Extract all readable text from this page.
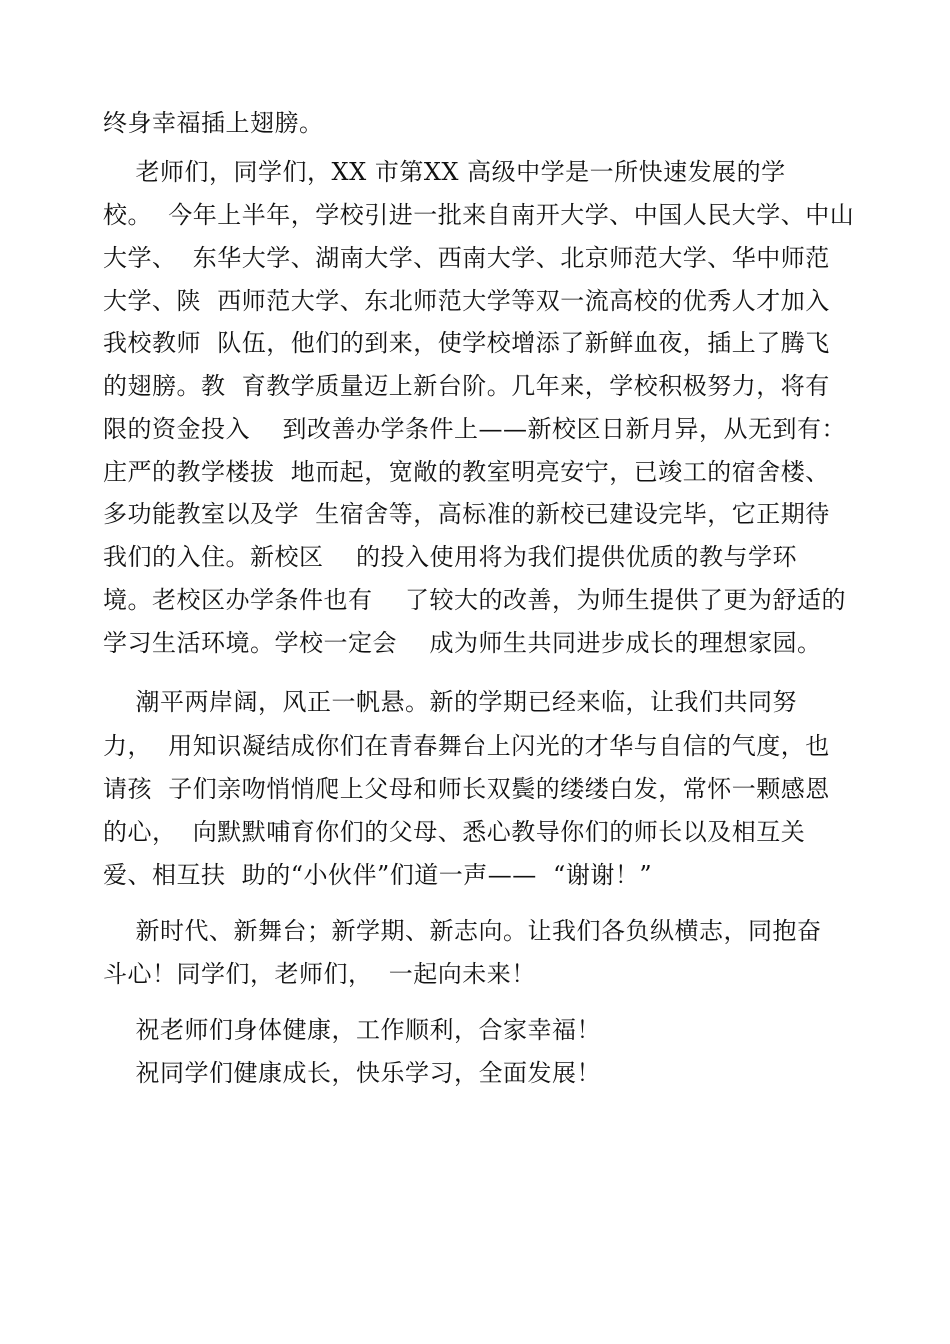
终身幸福插上翅膀。
老师们，同学们，XX 市第XX 高级中学是一所快速发展的学
校。  今年上半年，学校引进一批来自南开大学、中国人民大学、中山
大学、  东华大学、湖南大学、西南大学、北京师范大学、华中师范
大学、陕  西师范大学、东北师范大学等双一流高校的优秀人才加入
我校教师  队伍，他们的到来，使学校增添了新鲜血夜，插上了腾飞
的翅膀。教  育教学质量迈上新台阶。几年来，学校积极努力，将有
限的资金投入    到改善办学条件上——新校区日新月异，从无到有：
庄严的教学楼拔  地而起，宽敞的教室明亮安宁，已竣工的宿舍楼、
多功能教室以及学  生宿舍等，高标准的新校已建设完毕，它正期待
我们的入住。新校区    的投入使用将为我们提供优质的教与学环
境。老校区办学条件也有    了较大的改善，为师生提供了更为舒适的
学习生活环境。学校一定会    成为师生共同进步成长的理想家园。
潮平两岸阔，风正一帆悬。新的学期已经来临，让我们共同努
力，  用知识凝结成你们在青春舞台上闪光的才华与自信的气度，也
请孩  子们亲吻悄悄爬上父母和师长双鬓的缕缕白发，常怀一颗感恩
的心，  向默默哺育你们的父母、悉心教导你们的师长以及相互关
爱、相互扶  助的“小伙伴”们道一声——  “谢谢！”
新时代、新舞台；新学期、新志向。让我们各负纵横志，同抱奋
斗心！同学们，老师们，  一起向未来！
祝老师们身体健康，工作顺利，合家幸福！
祝同学们健康成长，快乐学习，全面发展！
